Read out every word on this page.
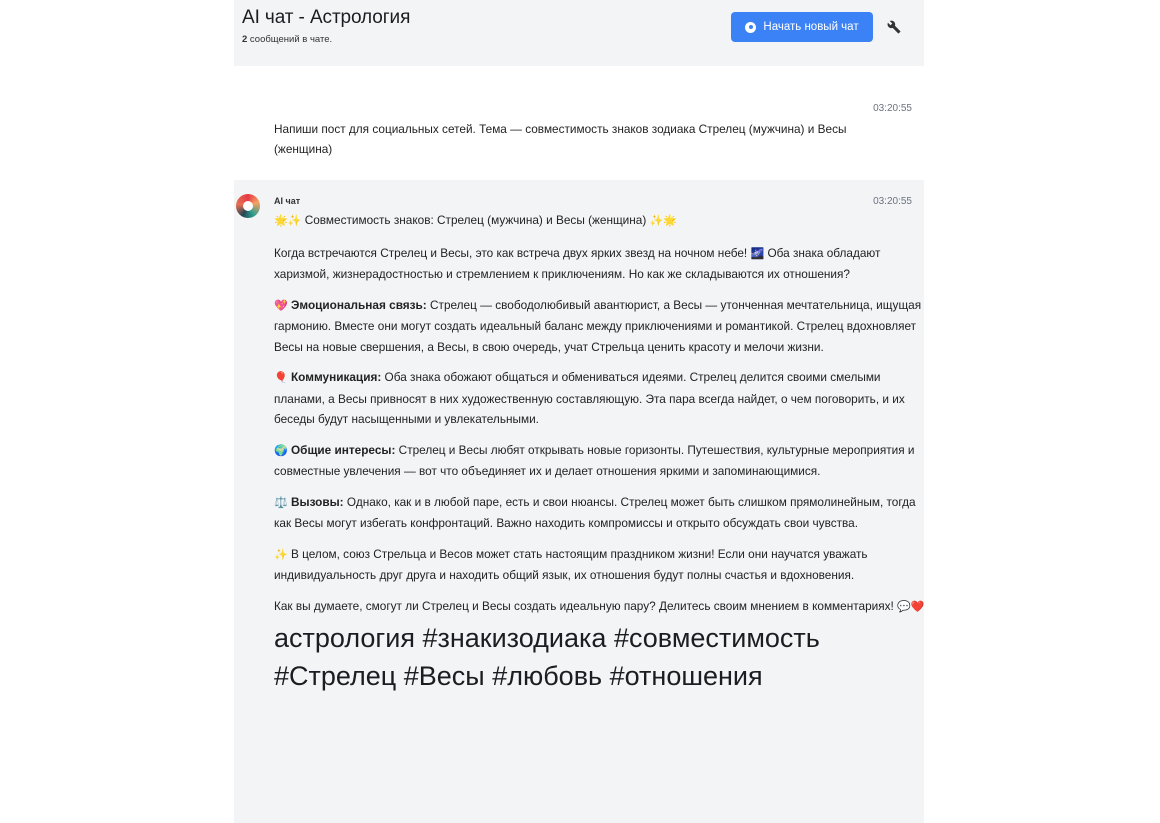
AI чат - Астрология
2 сообщений в чате.
Начать новый чат
03:20:55
Напиши пост для социальных сетей. Тема — совместимость знаков зодиака Стрелец (мужчина) и Весы (женщина)
AI чат	03:20:55

🌟✨ Совместимость знаков: Стрелец (мужчина) и Весы (женщина) ✨🌟

Когда встречаются Стрелец и Весы, это как встреча двух ярких звезд на ночном небе! 🌌 Оба знака обладают харизмой, жизнерадостностью и стремлением к приключениям. Но как же складываются их отношения?

💖 Эмоциональная связь: Стрелец — свободолюбивый авантюрист, а Весы — утонченная мечтательница, ищущая гармонию. Вместе они могут создать идеальный баланс между приключениями и романтикой. Стрелец вдохновляет Весы на новые свершения, а Весы, в свою очередь, учат Стрельца ценить красоту и мелочи жизни.

🎈 Коммуникация: Оба знака обожают общаться и обмениваться идеями. Стрелец делится своими смелыми планами, а Весы привносят в них художественную составляющую. Эта пара всегда найдет, о чем поговорить, и их беседы будут насыщенными и увлекательными.

🌍 Общие интересы: Стрелец и Весы любят открывать новые горизонты. Путешествия, культурные мероприятия и совместные увлечения — вот что объединяет их и делает отношения яркими и запоминающимися.

⚖️ Вызовы: Однако, как и в любой паре, есть и свои нюансы. Стрелец может быть слишком прямолинейным, тогда как Весы могут избегать конфронтаций. Важно находить компромиссы и открыто обсуждать свои чувства.

✨ В целом, союз Стрельца и Весов может стать настоящим праздником жизни! Если они научатся уважать индивидуальность друг друга и находить общий язык, их отношения будут полны счастья и вдохновения.

Как вы думаете, смогут ли Стрелец и Весы создать идеальную пару? Делитесь своим мнением в комментариях! 💬❤️

астрология #знакизодиака #совместимость #Стрелец #Весы #любовь #отношения
